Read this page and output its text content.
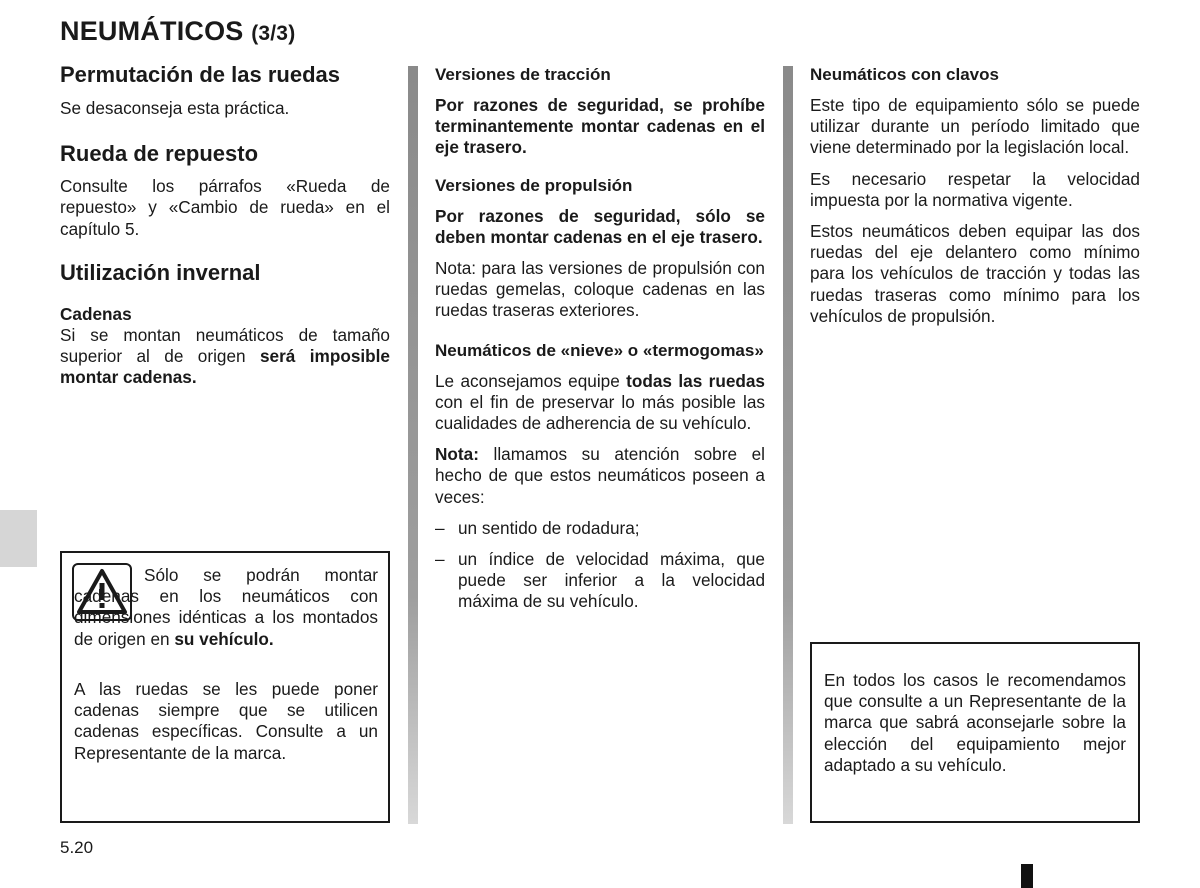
NEUMÁTICOS (3/3)
Permutación de las ruedas

Se desaconseja esta práctica.

Rueda de repuesto

Consulte los párrafos «Rueda de repuesto» y «Cambio de rueda» en el capítulo 5.

Utilización invernal
Cadenas

Si se montan neumáticos de tamaño superior al de origen será imposible montar cadenas.

Sólo se podrán montar cadenas en los neumáticos con dimensiones idénticas a los montados de origen en su vehículo.

A las ruedas se les puede poner cadenas siempre que se utilicen cadenas específicas. Consulte a un Representante de la marca.

Versiones de tracción

Por razones de seguridad, se prohíbe terminantemente montar cadenas en el eje trasero.

Versiones de propulsión

Por razones de seguridad, sólo se deben montar cadenas en el eje trasero.

Nota: para las versiones de propulsión con ruedas gemelas, coloque cadenas en las ruedas traseras exteriores.

Neumáticos de «nieve» o «termogomas»

Le aconsejamos equipe todas las ruedas con el fin de preservar lo más posible las cualidades de adherencia de su vehículo.

Nota: llamamos su atención sobre el hecho de que estos neumáticos poseen a veces:

– un sentido de rodadura;
– un índice de velocidad máxima, que puede ser inferior a la velocidad máxima de su vehículo.

Neumáticos con clavos

Este tipo de equipamiento sólo se puede utilizar durante un período limitado que viene determinado por la legislación local.

Es necesario respetar la velocidad impuesta por la normativa vigente.

Estos neumáticos deben equipar las dos ruedas del eje delantero como mínimo para los vehículos de tracción y todas las ruedas traseras como mínimo para los vehículos de propulsión.

En todos los casos le recomendamos que consulte a un Representante de la marca que sabrá aconsejarle sobre la elección del equipamiento mejor adaptado a su vehículo.

5.20
